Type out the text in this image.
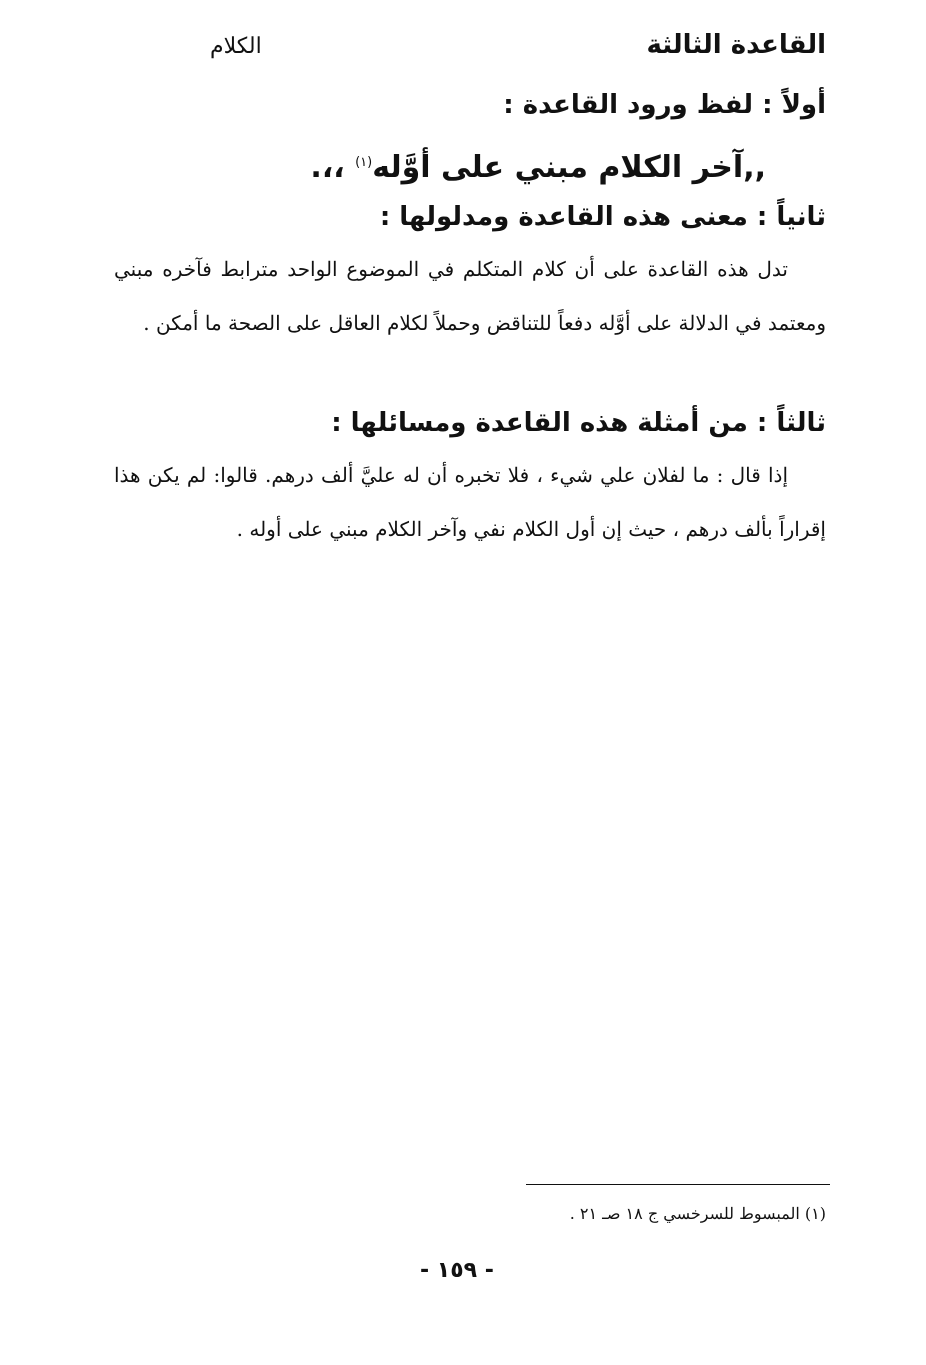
القاعدة الثالثة
الكلام
أولاً : لفظ ورود القاعدة :
,,آخر الكلام مبني على أوَّله$^{(١)}$ ،،.
ثانياً : معنى هذه القاعدة ومدلولها :
تدل هذه القاعدة على أن كلام المتكلم في الموضوع الواحد مترابط فآخره مبني ومعتمد في الدلالة على أوَّله دفعاً للتناقض وحملاً لكلام العاقل على الصحة ما أمكن .
ثالثاً : من أمثلة هذه القاعدة ومسائلها :
إذا قال : ما لفلان علي شيء ، فلا تخبره أن له عليَّ ألف درهم. قالوا: لم يكن هذا إقراراً بألف درهم ، حيث إن أول الكلام نفي وآخر الكلام مبني على أوله .
(١) المبسوط للسرخسي ج ١٨ صـ ٢١ .
- ١٥٩ -
